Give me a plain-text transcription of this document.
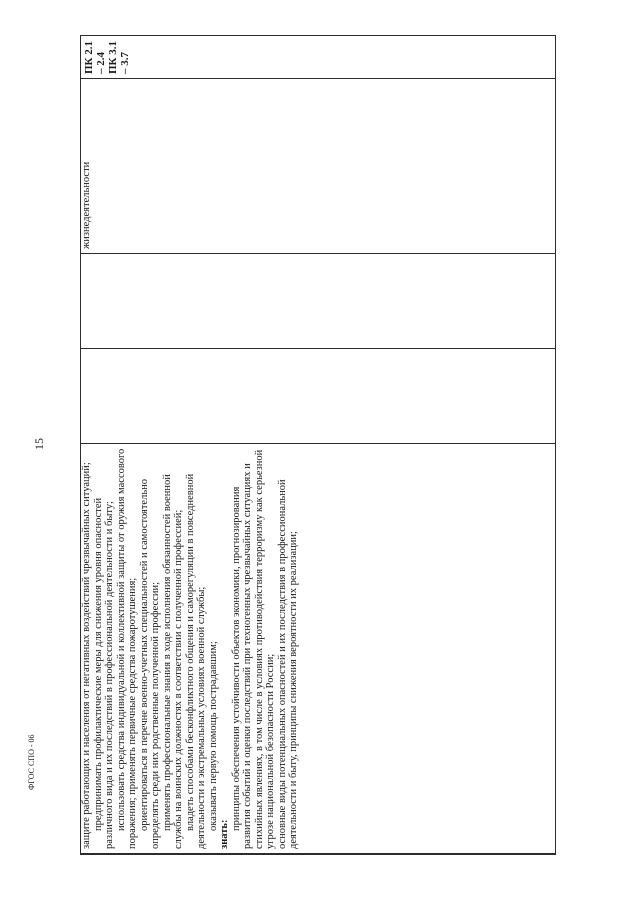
15
ФГОС СПО - 06	защите работающих и населения от негативных воздействий чрезвычайных ситуаций; предпринимать профилактические меры для снижения уровня опасностей различного вида и их последствий в профессиональной деятельности и быту; использовать средства индивидуальной и коллективной защиты от оружия массового поражения; применять первичные средства пожаротушения; ориентироваться в перечне военно-учетных специальностей и самостоятельно определять среди них родственные полученной профессии; применять профессиональные знания в ходе исполнения обязанностей военной службы на воинских должностях в соответствии с полученной профессией; владеть способами бесконфликтного общения и саморегуляции в повседневной деятельности и экстремальных условиях военной службы; оказывать первую помощь пострадавшим;

знать:

принципы обеспечения устойчивости объектов экономики, прогнозирования развития событий и оценки последствий при техногенных чрезвычайных ситуациях и стихийных явлениях, в том числе в условиях противодействия терроризму как серьезной угрозе национальной безопасности России; основные виды потенциальных опасностей и их последствия в профессиональной деятельности и быту, принципы снижения вероятности их реализации;

жизнедеятельности

ПК 2.1 – 2.4 ПК 3.1 – 3.7
